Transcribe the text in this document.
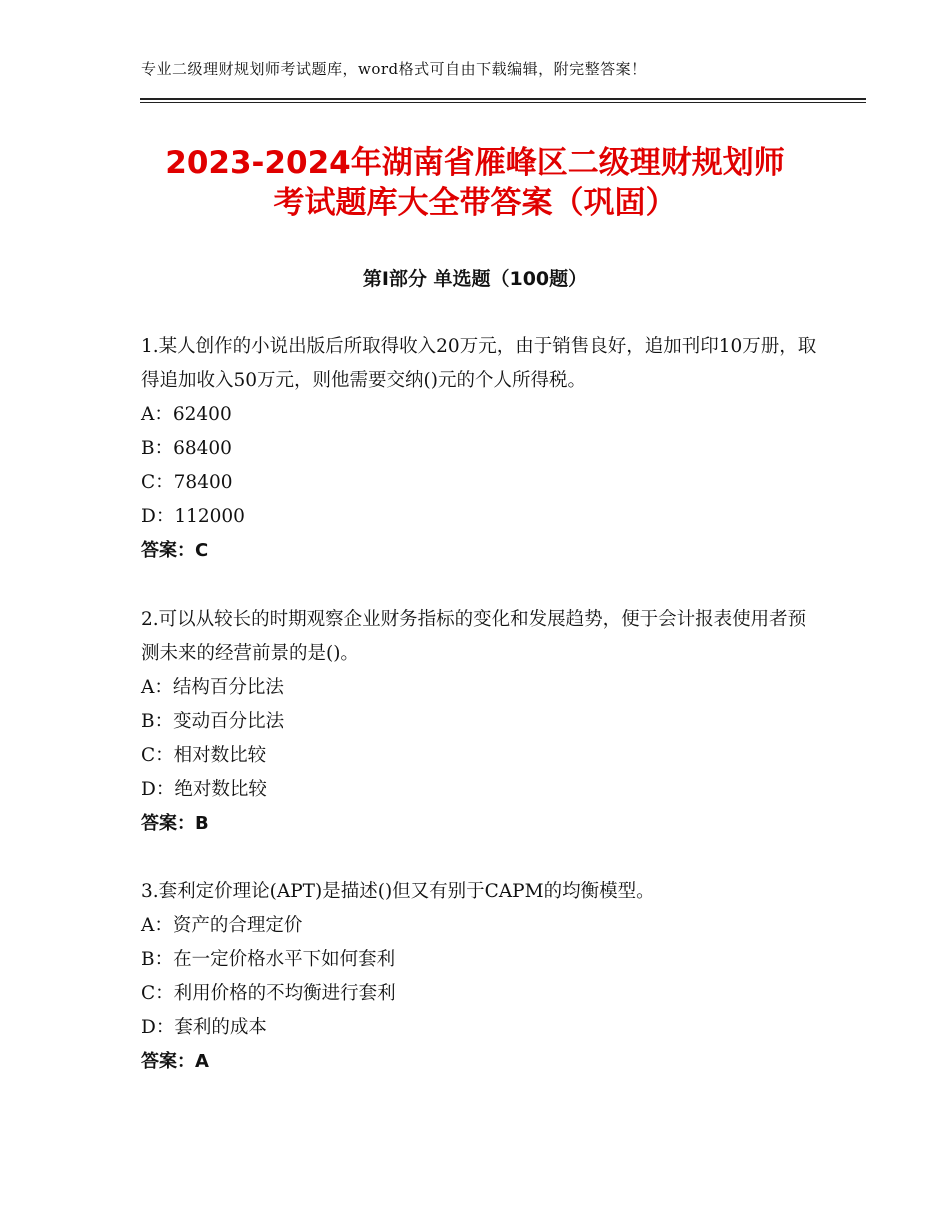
专业二级理财规划师考试题库，word格式可自由下载编辑，附完整答案！
2023-2024年湖南省雁峰区二级理财规划师
考试题库大全带答案（巩固）
第Ⅰ部分 单选题（100题）

1.某人创作的小说出版后所取得收入20万元，由于销售良好，追加刊印10万册，取得追加收入50万元，则他需要交纳()元的个人所得税。

A：62400
B：68400
C：78400
D：112000
答案：C

2.可以从较长的时期观察企业财务指标的变化和发展趋势，便于会计报表使用者预测未来的经营前景的是()。

A：结构百分比法
B：变动百分比法
C：相对数比较
D：绝对数比较
答案：B

3.套利定价理论(APT)是描述()但又有别于CAPM的均衡模型。

A：资产的合理定价
B：在一定价格水平下如何套利
C：利用价格的不均衡进行套利
D：套利的成本
答案：A
